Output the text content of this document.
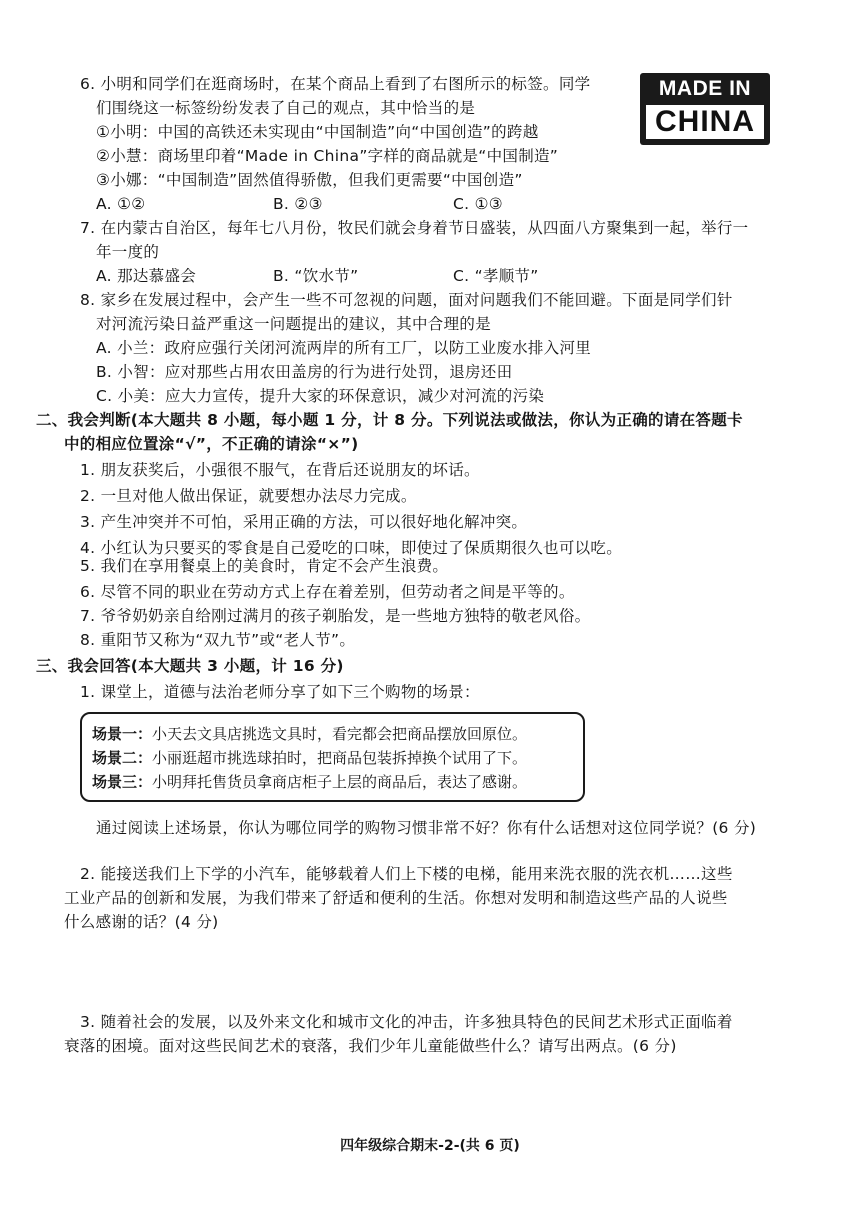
6. 小明和同学们在逛商场时，在某个商品上看到了右图所示的标签。同学
们围绕这一标签纷纷发表了自己的观点，其中恰当的是
①小明：中国的高铁还未实现由“中国制造”向“中国创造”的跨越
②小慧：商场里印着“Made in China”字样的商品就是“中国制造”
③小娜：“中国制造”固然值得骄傲，但我们更需要“中国创造”
A. ①②	B. ②③	C. ①③
MADE IN
CHINA
7. 在内蒙古自治区，每年七八月份，牧民们就会身着节日盛装，从四面八方聚集到一起，举行一
年一度的
A. 那达慕盛会	B. “饮水节”	C. “孝顺节”
8. 家乡在发展过程中，会产生一些不可忽视的问题，面对问题我们不能回避。下面是同学们针
对河流污染日益严重这一问题提出的建议，其中合理的是
A. 小兰：政府应强行关闭河流两岸的所有工厂，以防工业废水排入河里
B. 小智：应对那些占用农田盖房的行为进行处罚，退房还田
C. 小美：应大力宣传，提升大家的环保意识，减少对河流的污染
二、我会判断(本大题共 8 小题，每小题 1 分，计 8 分。下列说法或做法，你认为正确的请在答题卡
中的相应位置涂“√”，不正确的请涂“×”)
1. 朋友获奖后，小强很不服气，在背后还说朋友的坏话。
2. 一旦对他人做出保证，就要想办法尽力完成。
3. 产生冲突并不可怕，采用正确的方法，可以很好地化解冲突。
4. 小红认为只要买的零食是自己爱吃的口味，即使过了保质期很久也可以吃。
5. 我们在享用餐桌上的美食时，肯定不会产生浪费。
6. 尽管不同的职业在劳动方式上存在着差别，但劳动者之间是平等的。
7. 爷爷奶奶亲自给刚过满月的孩子剃胎发，是一些地方独特的敬老风俗。
8. 重阳节又称为“双九节”或“老人节”。
三、我会回答(本大题共 3 小题，计 16 分)
1. 课堂上，道德与法治老师分享了如下三个购物的场景：
场景一：小天去文具店挑选文具时，看完都会把商品摆放回原位。
场景二：小丽逛超市挑选球拍时，把商品包装拆掉换个试用了下。
场景三：小明拜托售货员拿商店柜子上层的商品后，表达了感谢。
通过阅读上述场景，你认为哪位同学的购物习惯非常不好？你有什么话想对这位同学说？(6 分)
2. 能接送我们上下学的小汽车，能够载着人们上下楼的电梯，能用来洗衣服的洗衣机……这些
工业产品的创新和发展，为我们带来了舒适和便利的生活。你想对发明和制造这些产品的人说些
什么感谢的话？(4 分)
3. 随着社会的发展，以及外来文化和城市文化的冲击，许多独具特色的民间艺术形式正面临着
衰落的困境。面对这些民间艺术的衰落，我们少年儿童能做些什么？请写出两点。(6 分)
四年级综合期末-2-(共 6 页)
